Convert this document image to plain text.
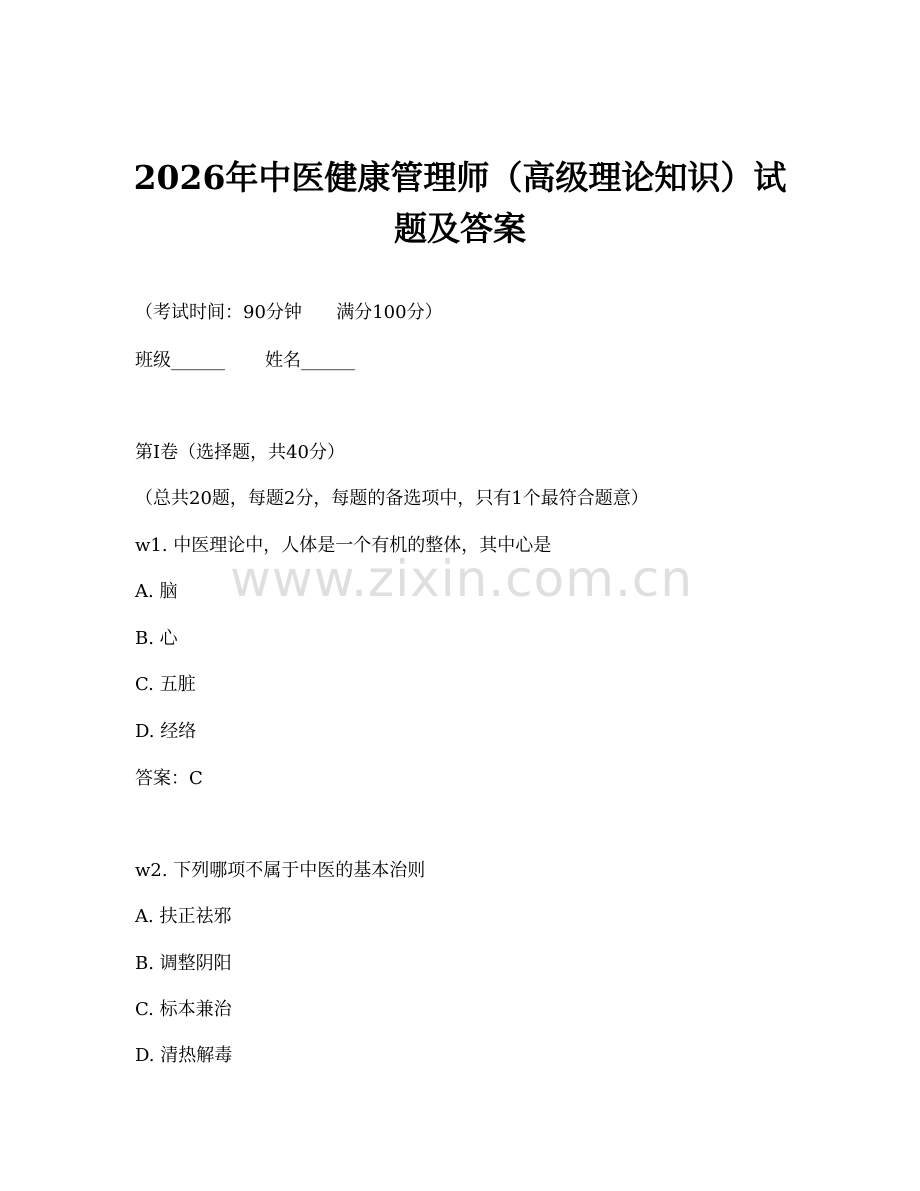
2026年中医健康管理师（高级理论知识）试
题及答案
（考试时间：90分钟      满分100分）
班级______       姓名______
第I卷（选择题，共40分）
（总共20题，每题2分，每题的备选项中，只有1个最符合题意）
w1. 中医理论中，人体是一个有机的整体，其中心是
A. 脑
B. 心
C. 五脏
D. 经络
答案：C
w2. 下列哪项不属于中医的基本治则
A. 扶正祛邪
B. 调整阴阳
C. 标本兼治
D. 清热解毒
www.zixin.com.cn
